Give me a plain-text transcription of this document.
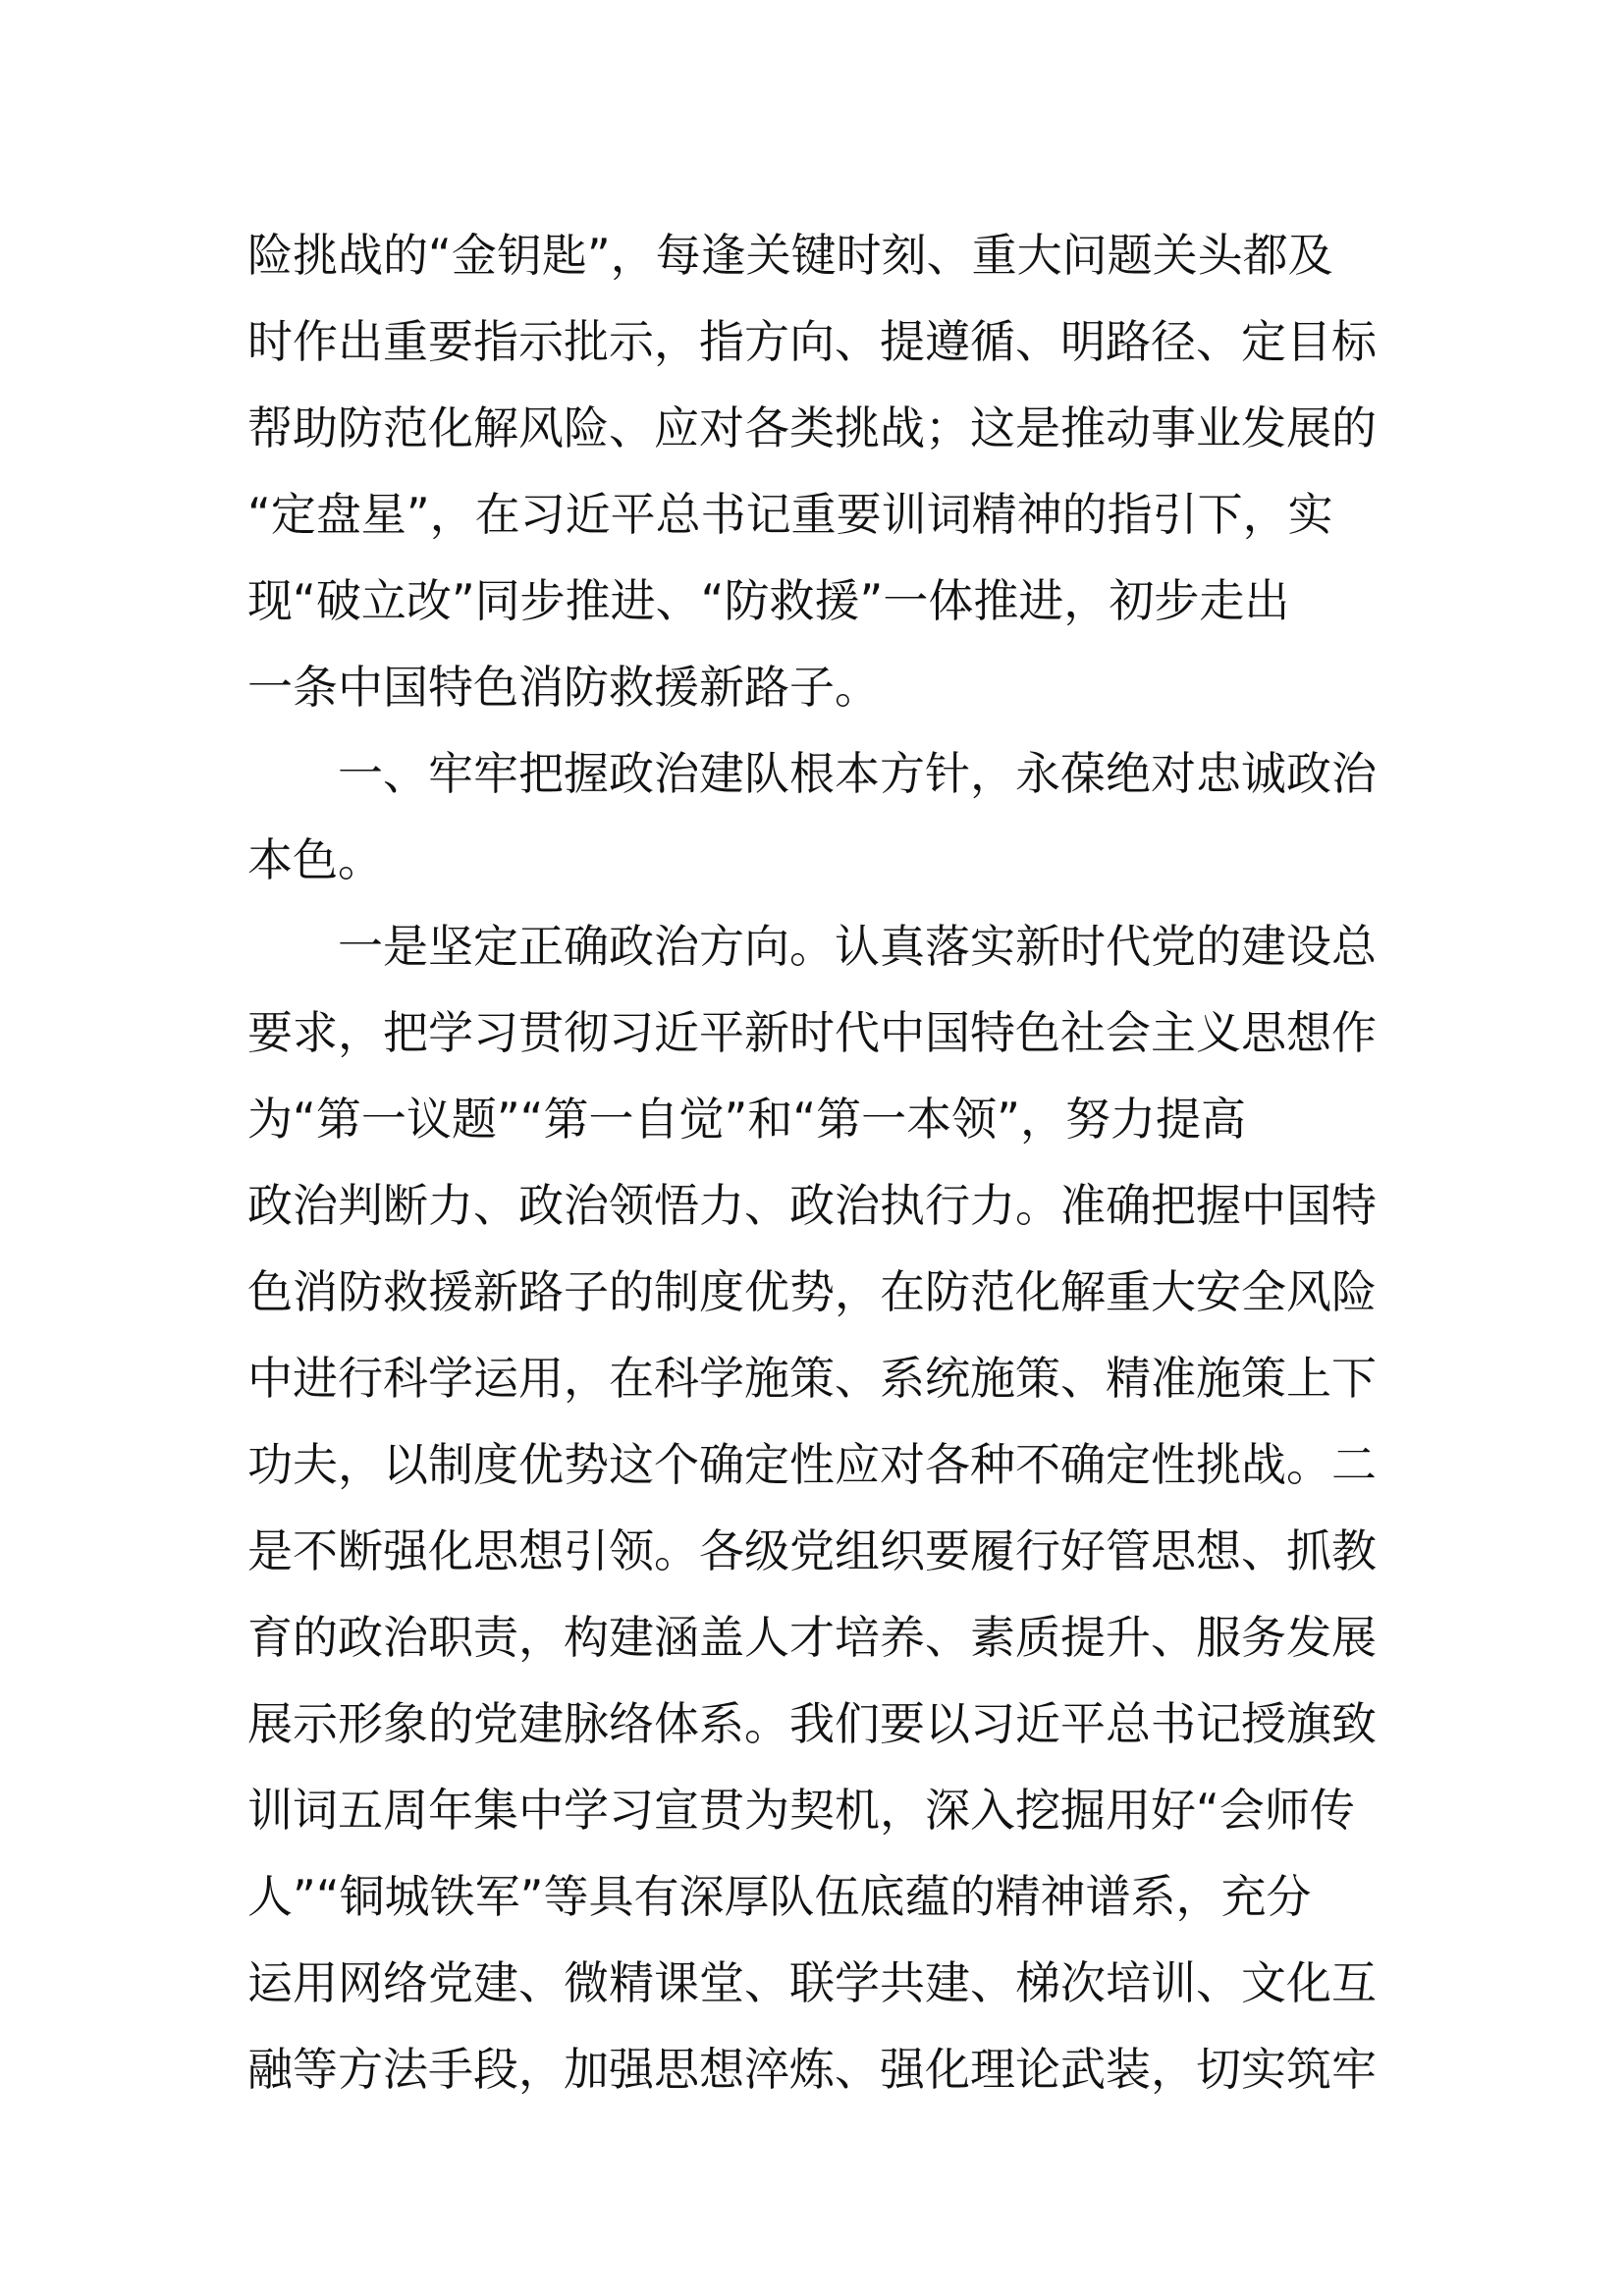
险挑战的“金钥匙”，每逢关键时刻、重大问题关头都及
时作出重要指示批示，指方向、提遵循、明路径、定目标
帮助防范化解风险、应对各类挑战；这是推动事业发展的
“定盘星”，在习近平总书记重要训词精神的指引下，实
现“破立改”同步推进、“防救援”一体推进，初步走出
一条中国特色消防救援新路子。
一、牢牢把握政治建队根本方针，永葆绝对忠诚政治
本色。
一是坚定正确政治方向。认真落实新时代党的建设总
要求，把学习贯彻习近平新时代中国特色社会主义思想作
为“第一议题”“第一自觉”和“第一本领”，努力提高
政治判断力、政治领悟力、政治执行力。准确把握中国特
色消防救援新路子的制度优势，在防范化解重大安全风险
中进行科学运用，在科学施策、系统施策、精准施策上下
功夫，以制度优势这个确定性应对各种不确定性挑战。二
是不断强化思想引领。各级党组织要履行好管思想、抓教
育的政治职责，构建涵盖人才培养、素质提升、服务发展
展示形象的党建脉络体系。我们要以习近平总书记授旗致
训词五周年集中学习宣贯为契机，深入挖掘用好“会师传
人”“铜城铁军”等具有深厚队伍底蕴的精神谱系，充分
运用网络党建、微精课堂、联学共建、梯次培训、文化互
融等方法手段，加强思想淬炼、强化理论武装，切实筑牢
